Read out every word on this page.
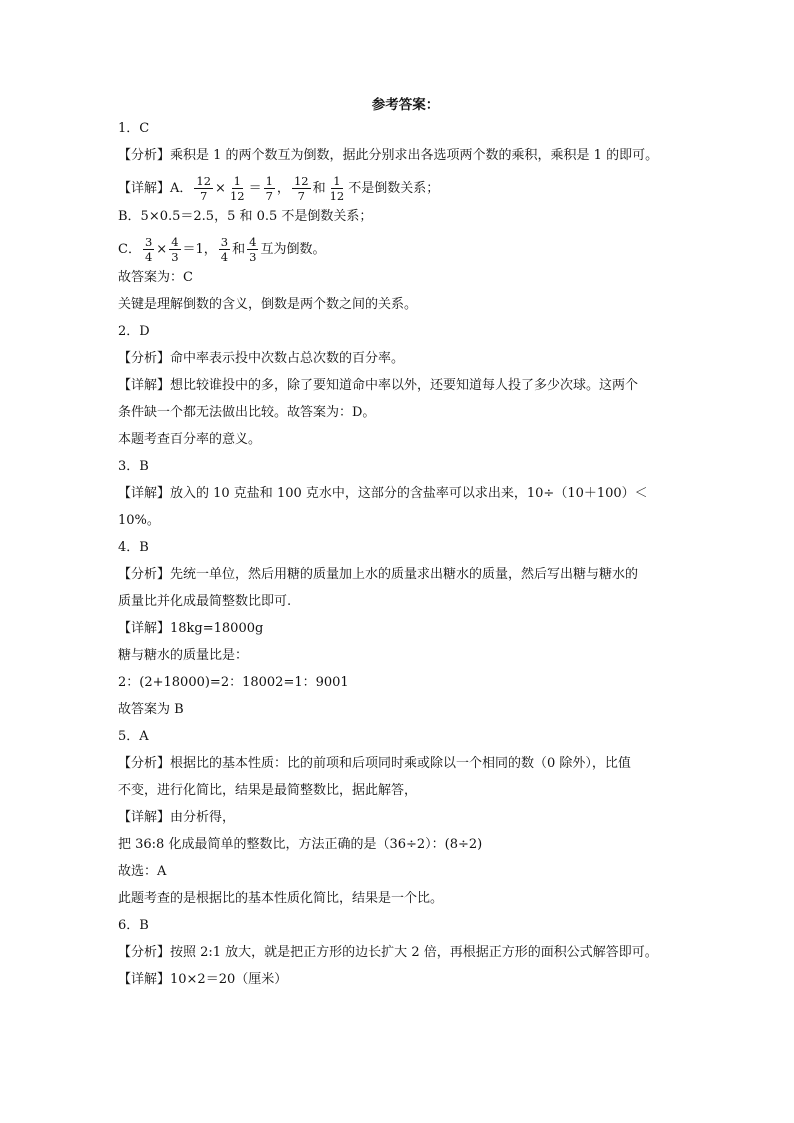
参考答案：
1．C
【分析】乘积是 1 的两个数互为倒数，据此分别求出各选项两个数的乘积，乘积是 1 的即可。
【详解】A． $\frac{12}{7} \times \frac{1}{12} = \frac{1}{7}$ ， $\frac{12}{7}$ 和 $\frac{1}{12}$ 不是倒数关系；
B．5×0.5＝2.5，5 和 0.5 不是倒数关系；
C． $\frac{3}{4} \times \frac{4}{3} =1$， $\frac{3}{4}$ 和 $\frac{4}{3}$ 互为倒数。
故答案为：C
关键是理解倒数的含义，倒数是两个数之间的关系。
2．D
【分析】命中率表示投中次数占总次数的百分率。
【详解】想比较谁投中的多，除了要知道命中率以外，还要知道每人投了多少次球。这两个
条件缺一个都无法做出比较。故答案为：D。
本题考查百分率的意义。
3．B
【详解】放入的 10 克盐和 100 克水中，这部分的含盐率可以求出来，10÷（10＋100）＜
10%。
4．B
【分析】先统一单位，然后用糖的质量加上水的质量求出糖水的质量，然后写出糖与糖水的
质量比并化成最简整数比即可.
【详解】18kg=18000g
糖与糖水的质量比是：
2：(2+18000)=2：18002=1：9001
故答案为 B
5．A
【分析】根据比的基本性质：比的前项和后项同时乘或除以一个相同的数（0 除外），比值
不变，进行化简比，结果是最简整数比，据此解答，
【详解】由分析得，
把 36:8 化成最简单的整数比，方法正确的是（36÷2）：(8÷2)
故选：A
此题考查的是根据比的基本性质化简比，结果是一个比。
6．B
【分析】按照 2:1 放大，就是把正方形的边长扩大 2 倍，再根据正方形的面积公式解答即可。
【详解】10×2＝20（厘米）
